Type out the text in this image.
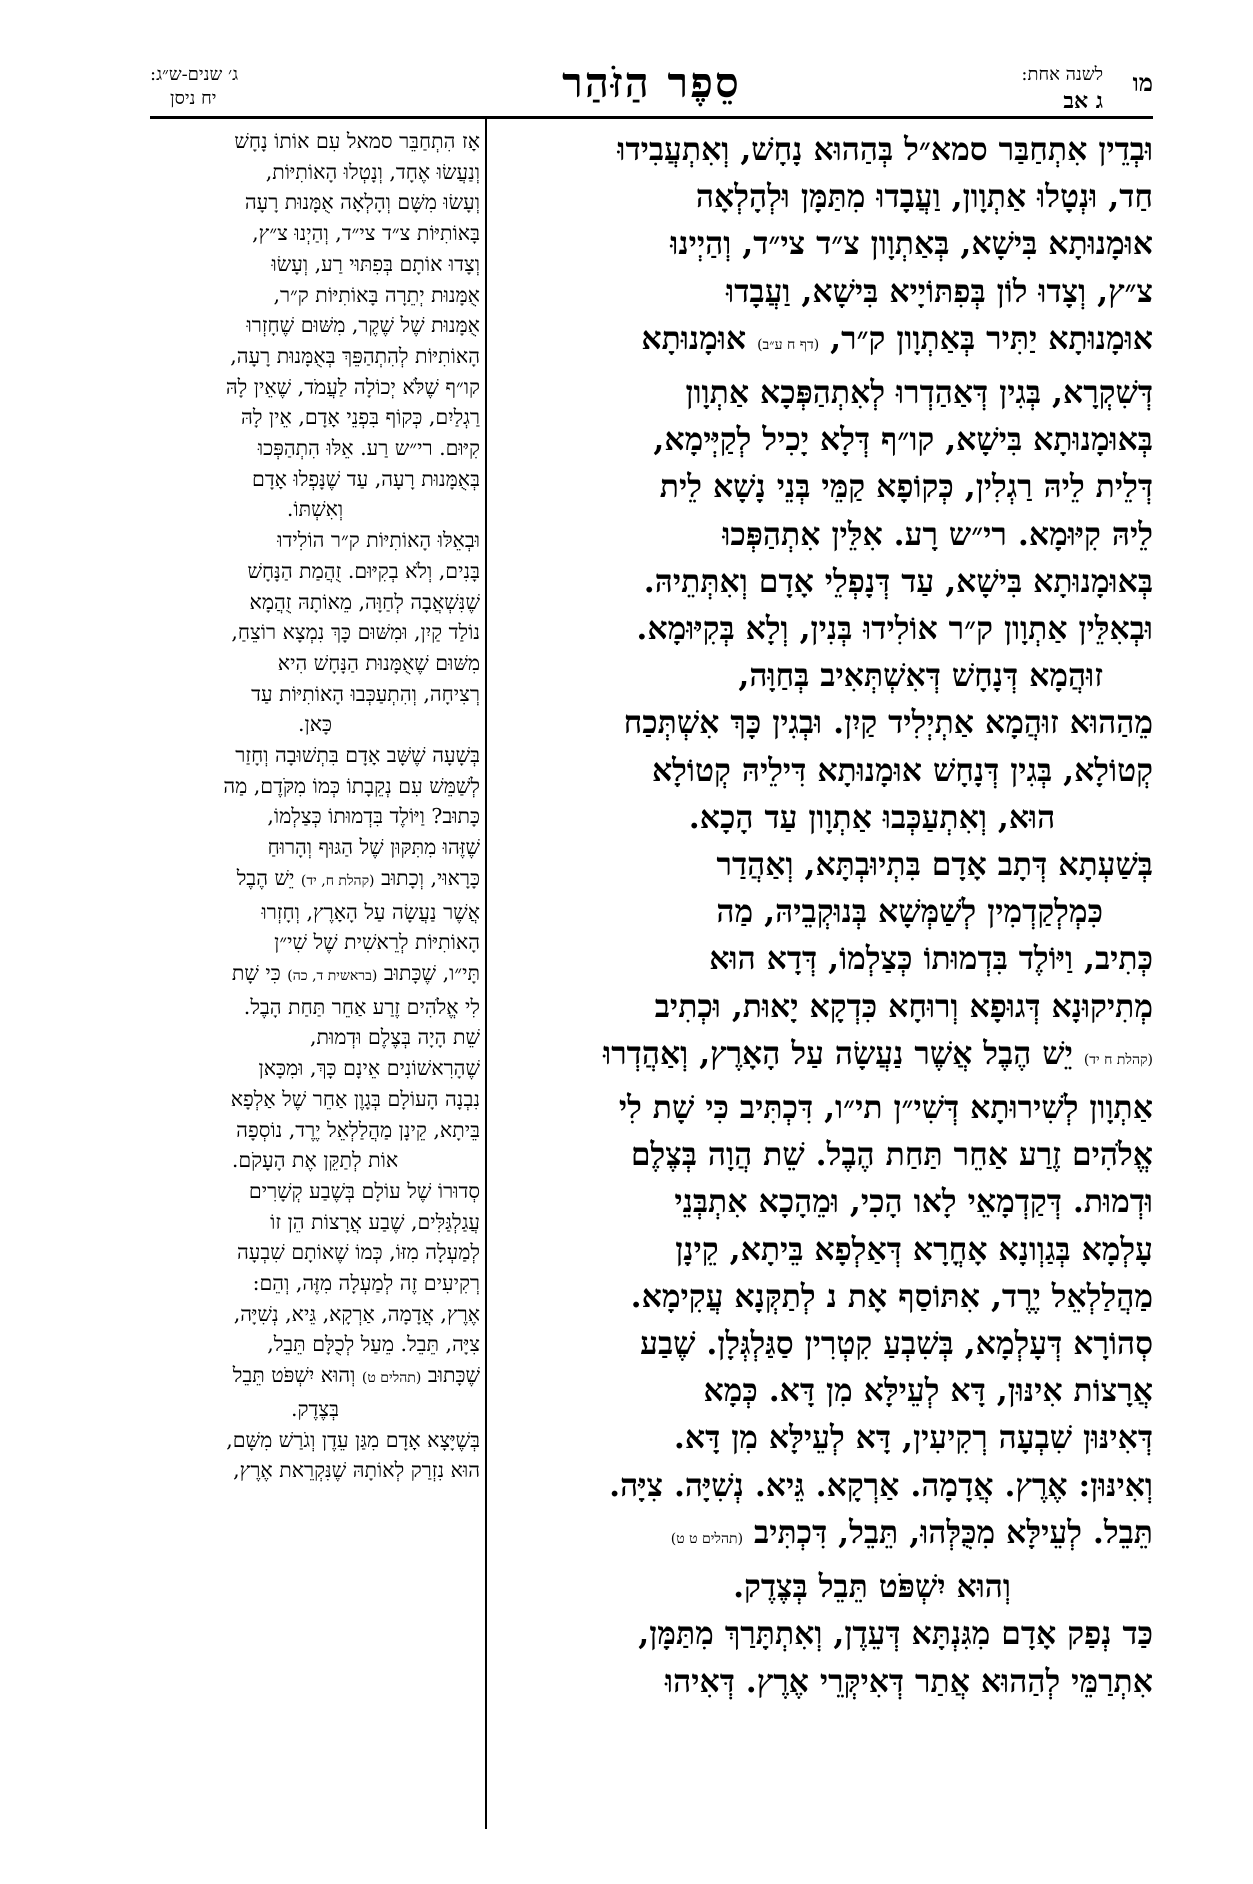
מו
לשנה אחת:
ג אב
סֵפֶר הַזֹּהַר
ג׳ שנים-ש״ג:
יח ניסן
וּבְדֵין אִתְחַבַּר סמא״ל בְּהַהוּא נָחָשׁ, וְאִתְעֲבִידוּ
חַד, וּנְטָלוּ אַתְוָון, וַעֲבָדוּ מִתַּמָּן וּלְהָלְאָה
אוּמָנוּתָא בִּישָׁא, בְּאַתְוָון צ״ד צי״ד, וְהַיְינוּ
צ״ץ, וְצָדוּ לוֹן בְּפִתּוֹיָיא בִּישָׁא, וַעֲבָדוּ
אוּמָנוּתָא יַתִּיר בְּאַתְוָון ק״ר, (דף ח ע״ב) אוּמָנוּתָא
דְּשִׁקְרָא, בְּגִין דְּאַהַדְרוּ לְאִתְהַפְּכָא אַתְוָון
בְּאוּמָנוּתָא בִּישָׁא, קו״ף דְּלָא יָכִיל לְקַיְּימָא,
דְּלֵית לֵיהּ רַגְלִין, כְּקוֹפָא קַמֵּי בְּנֵי נָשָׁא לֵית
לֵיהּ קִיּוּמָא. רי״ש רָע. אִלֵּין אִתְהַפְּכוּ
בְּאוּמָנוּתָא בִּישָׁא, עַד דְּנָפְלֵי אָדָם וְאִתְּתֵיהּ.
וּבְאִלֵּין אַתְוָון ק״ר אוֹלִידוּ בְּנִין, וְלָא בְּקִיּוּמָא.
זוּהֲמָא דְּנָחָשׁ דְּאִשְׁתְּאִיב בְּחַוָּה,
מֵהַהוּא זוּהֲמָא אַתְיְלִיד קַיִן. וּבְגִין כָּךְ אִשְׁתְּכַח
קְטוֹלָא, בְּגִין דְּנָחָשׁ אוּמָנוּתָא דִּילֵיהּ קְטוֹלָא
הוּא, וְאִתְעַכְּבוּ אַתְוָון עַד הָכָא.
בְּשַׁעְתָא דְּתָב אָדָם בִּתְיוּבְתָּא, וְאַהֲדַר
כִּמְלְקַדְמִין לְשַׁמְּשָׁא בְּנוּקְבֵיהּ, מַה
כְּתִיב, וַיּוֹלֶד בִּדְמוּתוֹ כְּצַלְמוֹ, דְּדָא הוּא
מְתִיקוּנָא דְּגוּפָא וְרוּחָא כִּדְקָא יָאוּת, וּכְתִיב
(קהלת ח יד) יֵשׁ הֶבֶל אֲשֶׁר נַעֲשָׂה עַל הָאָרֶץ, וְאַהֲדְרוּ
אַתְוָון לְשִׁירוּתָא דְּשִׁי״ן תי״ו, דִּכְתִּיב כִּי שָׁת לִי
אֱלֹהִים זֶרַע אַחֵר תַּחַת הֶבֶל. שֵׁת הֲוָה בְּצֶלֶם
וּדְמוּת. דְּקַדְמָאֵי לָאו הָכִי, וּמֵהָכָא אִתְבְּנֵי
עָלְמָא בְּגַוְונָא אָחֳרָא דְּאַלְפָא בֵּיתָא, קֵינָן
מַהֲלַלְאֵל יֶרֶד, אִתּוֹסַף אָת נ לְתַקְּנָא עֲקִימָא.
סְהוֹרָא דְּעָלְמָא, בְּשִׁבְעַ קִטְרִין סַגַּלְגְּלָן. שֶׁבַע
אֲרָצוֹת אִינּוּן, דָּא לְעֵילָּא מִן דָּא. כְּמָא
דְּאִינּוּן שִׁבְעָה רְקִיעִין, דָּא לְעֵילָּא מִן דָּא.
וְאִינּוּן: אֶרֶץ. אֲדָמָה. אַרְקָא. גֵּיא. נְשִׁיָּה. צִיָּה.
תֵּבֵל. לְעֵילָּא מִכֻּלְּהוּ, תֵּבֵל, דִּכְתִּיב (תהלים ט ט)
וְהוּא יִשְׁפֹּט תֵּבֵל בְּצֶדֶק.
כַּד נְפַק אָדָם מִגִּנְתָּא דְּעֵדֶן, וְאִתְתָּרַךְ מִתַּמָּן,
אִתְרַמֵּי לְהַהוּא אֲתַר דְּאִיקְּרֵי אֶרֶץ. דְּאִיהוּ
אָז הִתְחַבֵּר סמאל עִם אוֹתוֹ נָחָשׁ
וְנַעֲשׂוּ אֶחָד, וְנָטְלוּ הָאוֹתִיּוֹת,
וְעָשׂוּ מִשָּׁם וְהָלְאָה אֻמָּנוּת רָעָה
בָּאוֹתִיּוֹת צ״ד צי״ד, וְהַיְנוּ צ״ץ,
וְצָדוּ אוֹתָם בְּפִתּוּי רַע, וְעָשׂוּ
אֻמָּנוּת יְתֵרָה בָּאוֹתִיּוֹת ק״ר,
אֻמָּנוּת שֶׁל שֶׁקֶר, מִשּׁוּם שֶׁחָזְרוּ
הָאוֹתִיּוֹת לְהִתְהַפֵּךְ בְּאֻמָּנוּת רָעָה,
קו״ף שֶׁלֹּא יְכוֹלָה לַעֲמֹד, שֶׁאֵין לָהּ
רַגְלַיִם, כְּקוֹף בִּפְנֵי אָדָם, אֵין לָהּ
קִיּוּם. רי״ש רַע. אֵלּוּ הִתְהַפְּכוּ
בְּאֻמָּנוּת רָעָה, עַד שֶׁנָּפְלוּ אָדָם
וְאִשְׁתּוֹ.
וּבְאֵלּוּ הָאוֹתִיּוֹת ק״ר הוֹלִידוּ
בָּנִים, וְלֹא בְקִיּוּם. זֻהֲמַת הַנָּחָשׁ
שֶׁנִּשְׁאֲבָה לְחַוָּה, מֵאוֹתָהּ זֻהֲמָא
נוֹלַד קַיִן, וּמִשּׁוּם כָּךְ נִמְצָא רוֹצֵחַ,
מִשּׁוּם שֶׁאֻמָּנוּת הַנָּחָשׁ הִיא
רְצִיחָה, וְהִתְעַכְּבוּ הָאוֹתִיּוֹת עַד
כָּאן.
בְּשָׁעָה שֶׁשָּׁב אָדָם בִּתְשׁוּבָה וְחָזַר
לְשַׁמֵּשׁ עִם נְקֵבָתוֹ כְּמוֹ מִקֹּדֶם, מַה
כָּתוּב? וַיּוֹלֶד בִּדְמוּתוֹ כְּצַלְמוֹ,
שֶׁזֶּהוּ מִתִּקּוּן שֶׁל הַגּוּף וְהָרוּחַ
כָּרָאוּי, וְכָתוּב (קהלת ח, יד) יֵשׁ הֶבֶל
אֲשֶׁר נַעֲשָׂה עַל הָאָרֶץ, וְחָזְרוּ
הָאוֹתִיּוֹת לְרֵאשִׁית שֶׁל שִׁי״ן
תָּי״ו, שֶׁכָּתוּב (בראשית ד, כה) כִּי שָׁת
לִי אֱלֹהִים זֶרַע אַחֵר תַּחַת הָבֶל.
שֵׁת הָיָה בְּצֶלֶם וּדְמוּת,
שֶׁהָרִאשׁוֹנִים אֵינָם כָּךְ, וּמִכָּאן
נִבְנָה הָעוֹלָם בְּגָוֶן אַחֵר שֶׁל אַלְפָא
בֵּיתָא, קֵינָן מַהֲלַלְאֵל יֶרֶד, נוֹסְפָה
אוֹת לְתַקֵּן אֶת הָעָקֹם.
סְדוּרוֹ שֶׁל עוֹלָם בְּשֶׁבַע קְשָׁרִים
עֲגַלְגַּלִּים, שֶׁבַע אֲרָצוֹת הֵן זוֹ
לְמַעְלָה מִזּוֹ, כְּמוֹ שֶׁאוֹתָם שִׁבְעָה
רְקִיעִים זֶה לְמַעְלָה מִזֶּה, וְהֵם:
אֶרֶץ, אֲדָמָה, אַרְקָא, גֵּיא, נְשִׁיָּה,
צִיָּה, תֵּבֵל. מֵעַל לְכֻלָּם תֵּבֵל,
שֶׁכָּתוּב (תהלים ט) וְהוּא יִשְׁפֹּט תֵּבֵל
בְּצֶדֶק.
בְּשֶׁיָּצָא אָדָם מִגַּן עֵדֶן וְגֹרַשׁ מִשָּׁם,
הוּא נִזְרַק לְאוֹתָהּ שֶׁנִּקְרֵאת אֶרֶץ,
